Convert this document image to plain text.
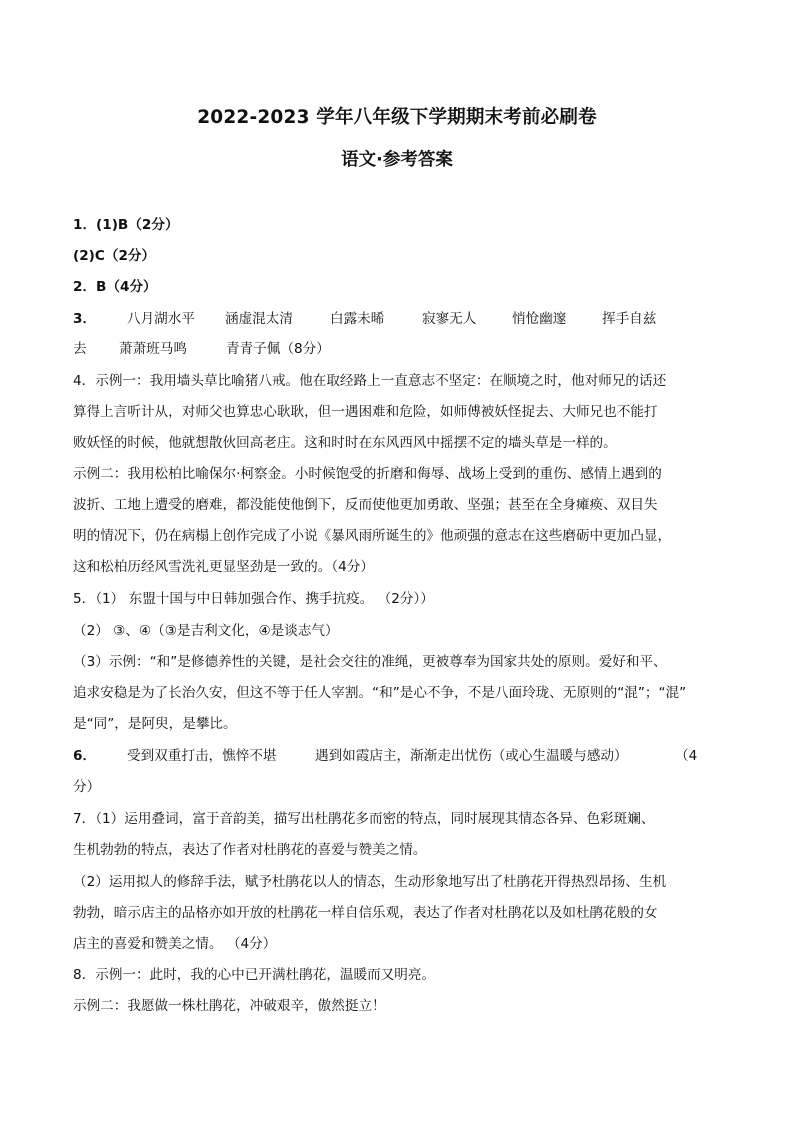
2022-2023 学年八年级下学期期末考前必刷卷
语文·参考答案
1．(1)B（2分）
(2)C（2分）
2．B（4分）
3． 八月湖水平 涵虚混太清	白露未晞	寂寥无人	悄怆幽邃	挥手自兹
去 萧萧班马鸣	青青子佩（8分）
4．示例一：我用墙头草比喻猪八戒。他在取经路上一直意志不坚定：在顺境之时，他对师兄的话还
算得上言听计从，对师父也算忠心耿耿，但一遇困难和危险，如师傅被妖怪捉去、大师兄也不能打
败妖怪的时候，他就想散伙回高老庄。这和时时在东风西风中摇摆不定的墙头草是一样的。
示例二：我用松柏比喻保尔·柯察金。小时候饱受的折磨和侮辱、战场上受到的重伤、感情上遇到的
波折、工地上遭受的磨难，都没能使他倒下，反而使他更加勇敢、坚强；甚至在全身瘫痪、双目失
明的情况下，仍在病榻上创作完成了小说《暴风雨所诞生的》他顽强的意志在这些磨砺中更加凸显，
这和松柏历经风雪洗礼更显坚劲是一致的。（4分）
5．（1） 东盟十国与中日韩加强合作、携手抗疫。 （2分））
（2） ③、④（③是吉利文化，④是谈志气）
（3）示例：“和”是修德养性的关键，是社会交往的准绳，更被尊奉为国家共处的原则。爱好和平、
追求安稳是为了长治久安，但这不等于任人宰割。“和”是心不争，不是八面玲珑、无原则的“混”；“混”
是“同”，是阿臾，是攀比。
6． 受到双重打击，憔悴不堪	遇到如霞店主，渐渐走出忧伤（或心生温暖与感动）	（4
分）
7．（1）运用叠词，富于音韵美，描写出杜鹃花多而密的特点，同时展现其情态各异、色彩斑斓、
生机勃勃的特点，表达了作者对杜鹃花的喜爱与赞美之情。
（2）运用拟人的修辞手法，赋予杜鹃花以人的情态，生动形象地写出了杜鹃花开得热烈昂扬、生机
勃勃，暗示店主的品格亦如开放的杜鹃花一样自信乐观，表达了作者对杜鹃花以及如杜鹃花般的女
店主的喜爱和赞美之情。 （4分）
8．示例一：此时，我的心中已开满杜鹃花，温暖而又明亮。
示例二：我愿做一株杜鹃花，冲破艰辛，傲然挺立！
